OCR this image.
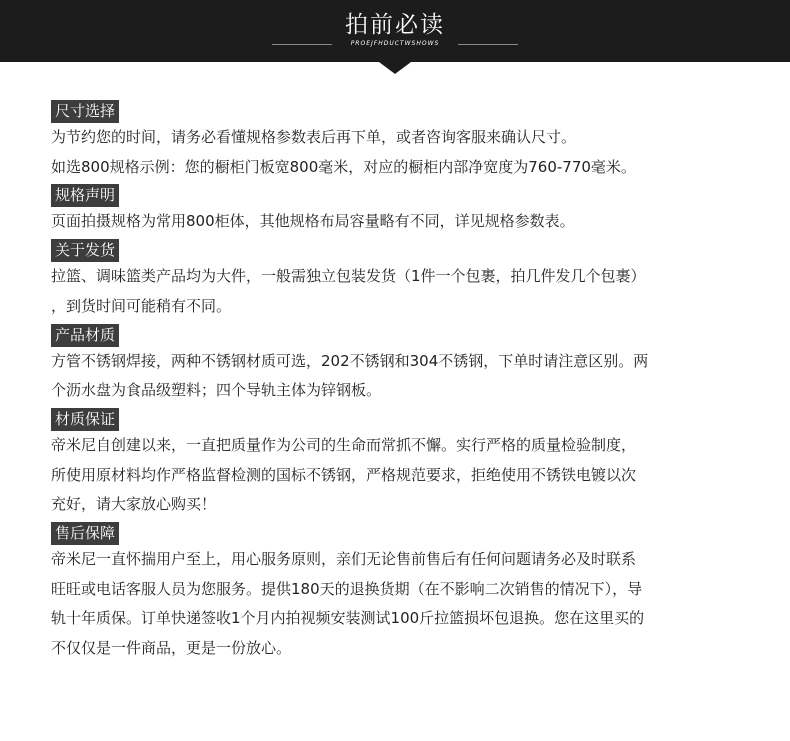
拍前必读
PROEJFHDUCTWSHOWS
尺寸选择
为节约您的时间，请务必看懂规格参数表后再下单，或者咨询客服来确认尺寸。
如选800规格示例：您的橱柜门板宽800毫米，对应的橱柜内部净宽度为760-770毫米。
规格声明
页面拍摄规格为常用800柜体，其他规格布局容量略有不同，详见规格参数表。
关于发货
拉篮、调味篮类产品均为大件，一般需独立包装发货（1件一个包裹，拍几件发几个包裹）
，到货时间可能稍有不同。
产品材质
方管不锈钢焊接，两种不锈钢材质可选，202不锈钢和304不锈钢，下单时请注意区别。两
个沥水盘为食品级塑料；四个导轨主体为锌钢板。
材质保证
帝米尼自创建以来，一直把质量作为公司的生命而常抓不懈。实行严格的质量检验制度，
所使用原材料均作严格监督检测的国标不锈钢，严格规范要求，拒绝使用不锈铁电镀以次
充好，请大家放心购买！
售后保障
帝米尼一直怀揣用户至上，用心服务原则，亲们无论售前售后有任何问题请务必及时联系
旺旺或电话客服人员为您服务。提供180天的退换货期（在不影响二次销售的情况下），导
轨十年质保。订单快递签收1个月内拍视频安装测试100斤拉篮损坏包退换。您在这里买的
不仅仅是一件商品，更是一份放心。
